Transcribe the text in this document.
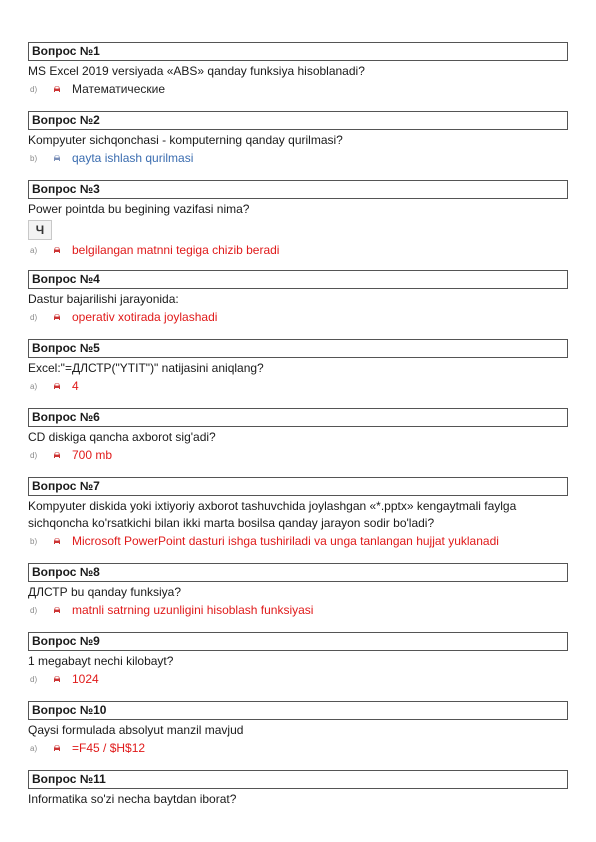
Вопрос №1
MS Excel 2019 versiyada «ABS» qanday funksiya hisoblanadi?
d)	Математические
Вопрос №2
Kompyuter sichqonchasi - komputerning qanday qurilmasi?
b)	qayta ishlash qurilmasi
Вопрос №3
Power pointda bu begining vazifasi nima?
Ч
a)	belgilangan matnni tegiga chizib beradi
Вопрос №4
Dastur bajarilishi jarayonida:
d)	operativ xotirada joylashadi
Вопрос №5
Excel:"=ДЛСТР("YTIT")" natijasini aniqlang?
a)	4
Вопрос №6
CD diskiga qancha axborot sig'adi?
d)	700 mb
Вопрос №7
Kompyuter diskida yoki ixtiyoriy axborot tashuvchida joylashgan «*.pptx» kengaytmali faylga
sichqoncha ko'rsatkichi bilan ikki marta bosilsa qanday jarayon sodir bo'ladi?
b)	Microsoft PowerPoint dasturi ishga tushiriladi va unga tanlangan hujjat yuklanadi
Вопрос №8
ДЛСТР bu qanday funksiya?
d)	matnli satrning uzunligini hisoblash funksiyasi
Вопрос №9
1 megabayt nechi kilobayt?
d)	1024
Вопрос №10
Qaysi formulada absolyut manzil mavjud
a)	=F45 / $H$12
Вопрос №11
Informatika so'zi necha baytdan iborat?
